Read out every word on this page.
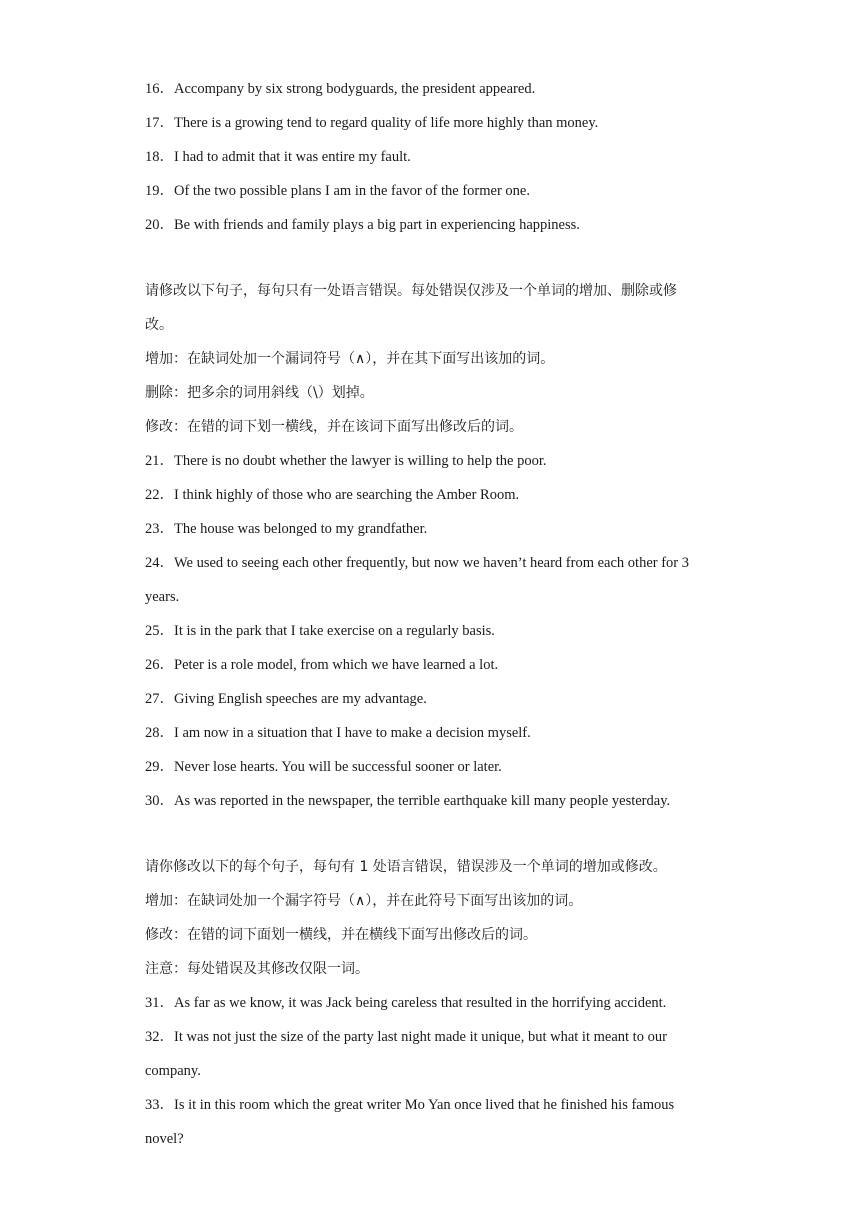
16 ． Accompany by six strong bodyguards, the president appeared.
17 ． There is a growing tend to regard quality of life more highly than money.
18 ． I had to admit that it was entire my fault.
19 ． Of the two possible plans I am in the favor of the former one.
20 ． Be with friends and family plays a big part in experiencing happiness.
请修改以下句子，每句只有一处语言错误。每处错误仅涉及一个单词的增加、删除或修
改。
增加：在缺词处加一个漏词符号（∧），并在其下面写出该加的词。
删除：把多余的词用斜线（\）划掉。
修改：在错的词下划一横线，并在该词下面写出修改后的词。
21 ． There is no doubt whether the lawyer is willing to help the poor.
22 ． I think highly of those who are searching the Amber Room.
23 ． The house was belonged to my grandfather.
24 ． We used to seeing each other frequently, but now we haven’t heard from each other for 3
years.
25 ． It is in the park that I take exercise on a regularly basis.
26 ． Peter is a role model, from which we have learned a lot.
27 ． Giving English speeches are my advantage.
28 ． I am now in a situation that I have to make a decision myself.
29 ． Never lose hearts. You will be successful sooner or later.
30 ． As was reported in the newspaper, the terrible earthquake kill many people yesterday.
请你修改以下的每个句子，每句有 1 处语言错误，错误涉及一个单词的增加或修改。
增加：在缺词处加一个漏字符号（∧），并在此符号下面写出该加的词。
修改：在错的词下面划一横线，并在横线下面写出修改后的词。
注意：每处错误及其修改仅限一词。
31 ． As far as we know, it was Jack being careless that resulted in the horrifying accident.
32 ． It was not just the size of the party last night made it unique, but what it meant to our
company.
33 ． Is it in this room which the great writer Mo Yan once lived that he finished his famous
novel?
